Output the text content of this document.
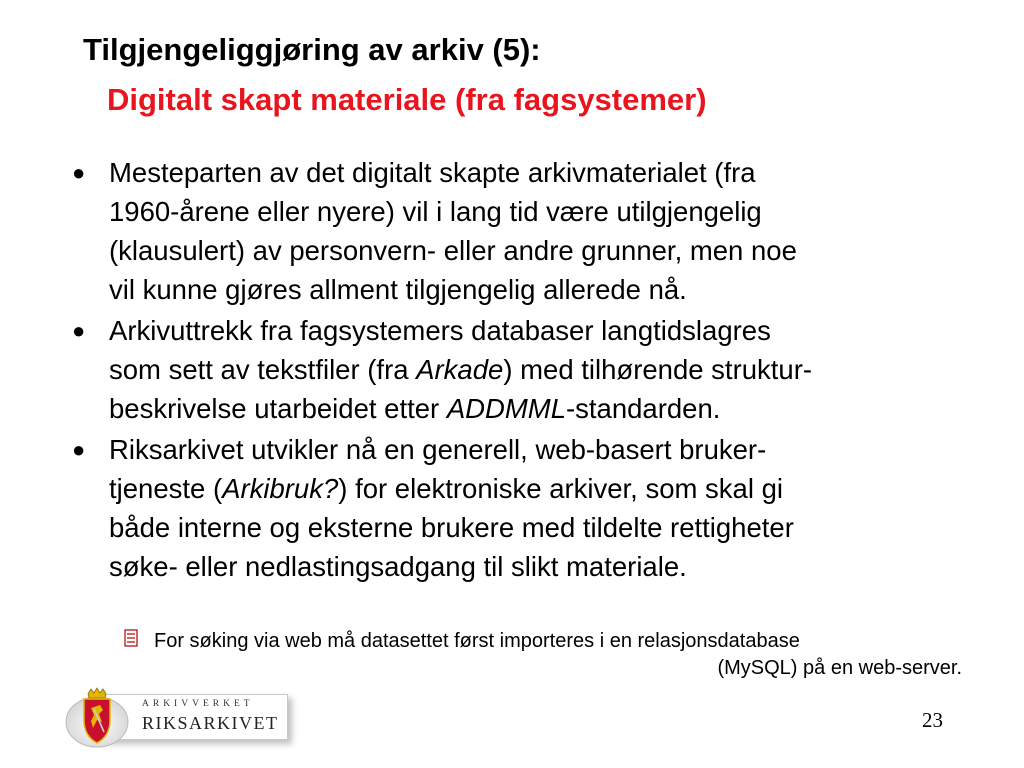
Tilgjengeliggjøring av arkiv (5):
Digitalt skapt materiale (fra fagsystemer)
● Mesteparten av det digitalt skapte arkivmaterialet (fra
1960-årene eller nyere) vil i lang tid være utilgjengelig
(klausulert) av personvern- eller andre grunner, men noe
vil kunne gjøres allment tilgjengelig allerede nå.
● Arkivuttrekk fra fagsystemers databaser langtidslagres
som sett av tekstfiler (fra Arkade) med tilhørende struktur-
beskrivelse utarbeidet etter ADDMML-standarden.
● Riksarkivet utvikler nå en generell, web-basert bruker-
tjeneste (Arkibruk?) for elektroniske arkiver, som skal gi
både interne og eksterne brukere med tildelte rettigheter
søke- eller nedlastingsadgang til slikt materiale.
For søking via web må datasettet først importeres i en relasjonsdatabase
(MySQL) på en web-server.
ARKIVVERKET
RIKSARKIVET	23
